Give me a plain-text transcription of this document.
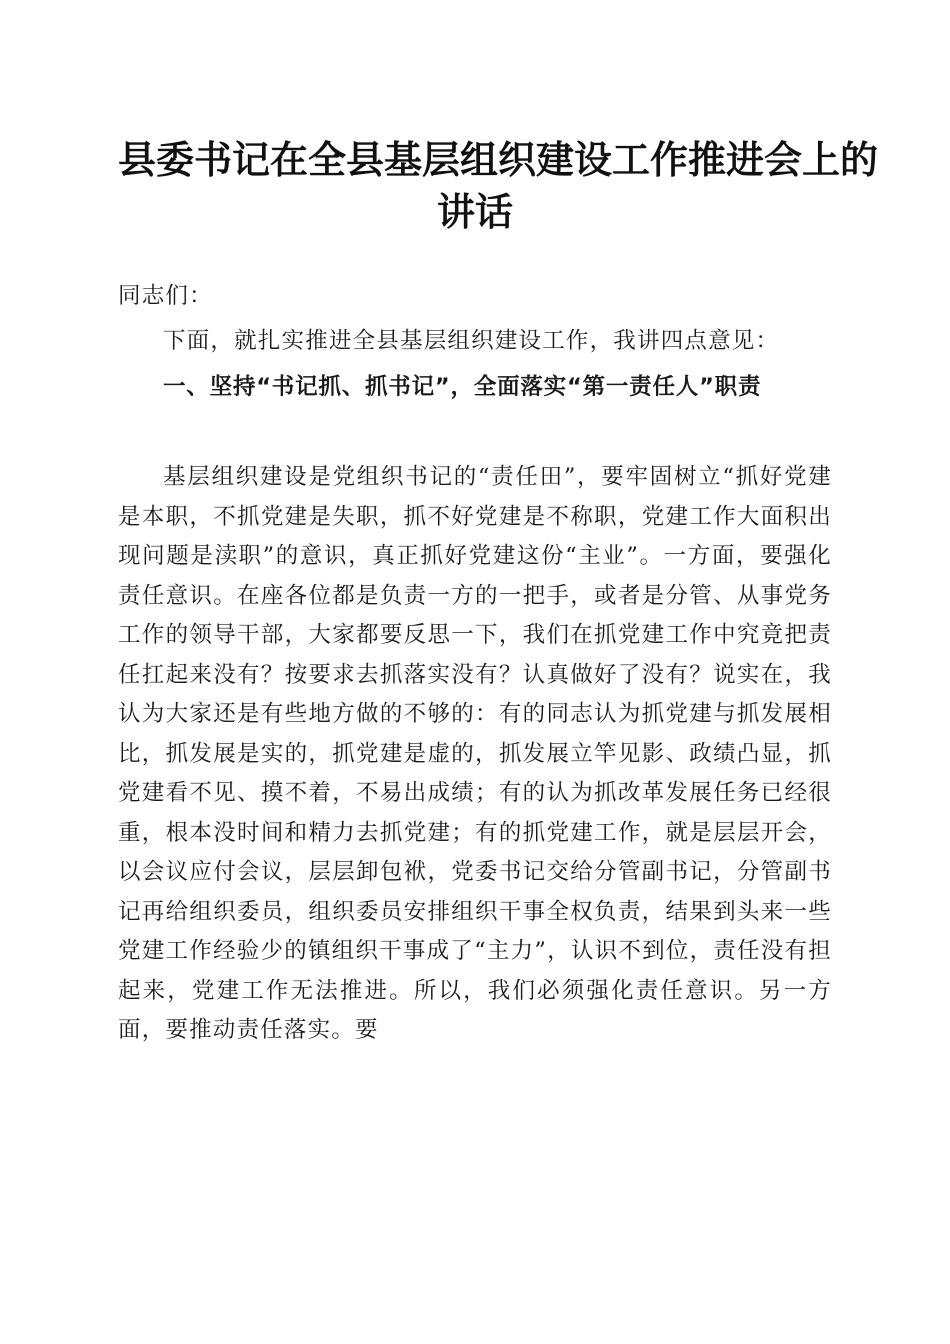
县委书记在全县基层组织建设工作推进会上的
讲话

同志们：

下面，就扎实推进全县基层组织建设工作，我讲四点意见：

一、坚持“书记抓、抓书记”，全面落实“第一责任人”职责

基层组织建设是党组织书记的“责任田”，要牢固树立“抓好党建是本职，不抓党建是失职，抓不好党建是不称职，党建工作大面积出现问题是渎职”的意识，真正抓好党建这份“主业”。一方面，要强化责任意识。在座各位都是负责一方的一把手，或者是分管、从事党务工作的领导干部，大家都要反思一下，我们在抓党建工作中究竟把责任扛起来没有？按要求去抓落实没有？认真做好了没有？说实在，我认为大家还是有些地方做的不够的：有的同志认为抓党建与抓发展相比，抓发展是实的，抓党建是虚的，抓发展立竿见影、政绩凸显，抓党建看不见、摸不着，不易出成绩；有的认为抓改革发展任务已经很重，根本没时间和精力去抓党建；有的抓党建工作，就是层层开会，以会议应付会议，层层卸包袱，党委书记交给分管副书记，分管副书记再给组织委员，组织委员安排组织干事全权负责，结果到头来一些党建工作经验少的镇组织干事成了“主力”，认识不到位，责任没有担起来，党建工作无法推进。所以，我们必须强化责任意识。另一方面，要推动责任落实。要
